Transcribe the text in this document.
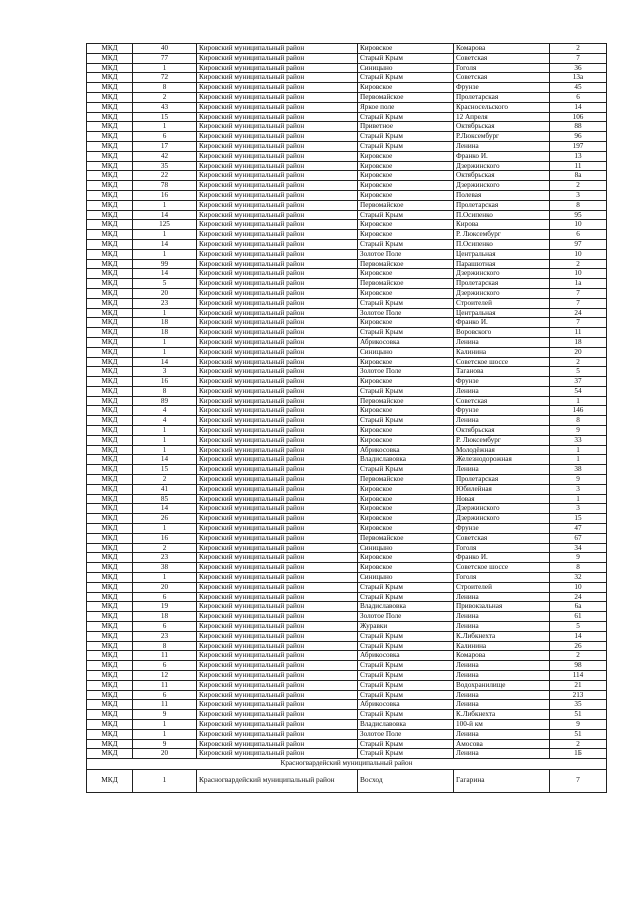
МКД	40	Кировский муниципальный район	Кировское	Комарова	2
МКД	77	Кировский муниципальный район	Старый Крым	Советская	7
МКД	1	Кировский муниципальный район	Синицыно	Гоголя	36
МКД	72	Кировский муниципальный район	Старый Крым	Советская	13а
МКД	8	Кировский муниципальный район	Кировское	Фрунзе	45
МКД	2	Кировский муниципальный район	Первомайское	Пролетарская	6
МКД	43	Кировский муниципальный район	Яркое поле	Красносельского	14
МКД	15	Кировский муниципальный район	Старый Крым	12 Апреля	106
МКД	1	Кировский муниципальный район	Приветное	Октябрьская	88
МКД	6	Кировский муниципальный район	Старый Крым	Р.Люксембург	96
МКД	17	Кировский муниципальный район	Старый Крым	Ленина	197
МКД	42	Кировский муниципальный район	Кировское	Франко И.	13
МКД	35	Кировский муниципальный район	Кировское	Дзержинского	11
МКД	22	Кировский муниципальный район	Кировское	Октябрьская	8а
МКД	78	Кировский муниципальный район	Кировское	Дзержинского	2
МКД	16	Кировский муниципальный район	Кировское	Полевая	3
МКД	1	Кировский муниципальный район	Первомайское	Пролетарская	8
МКД	14	Кировский муниципальный район	Старый Крым	П.Осипенко	95
МКД	125	Кировский муниципальный район	Кировское	Кирова	10
МКД	1	Кировский муниципальный район	Кировское	Р. Люксембург	6
МКД	14	Кировский муниципальный район	Старый Крым	П.Осипенко	97
МКД	1	Кировский муниципальный район	Золотое Поле	Центральная	10
МКД	99	Кировский муниципальный район	Первомайское	Парашютная	2
МКД	14	Кировский муниципальный район	Кировское	Дзержинского	10
МКД	5	Кировский муниципальный район	Первомайское	Пролетарская	1а
МКД	20	Кировский муниципальный район	Кировское	Дзержинского	7
МКД	23	Кировский муниципальный район	Старый Крым	Строителей	7
МКД	1	Кировский муниципальный район	Золотое Поле	Центральная	24
МКД	18	Кировский муниципальный район	Кировское	Франко И.	7
МКД	18	Кировский муниципальный район	Старый Крым	Воровского	11
МКД	1	Кировский муниципальный район	Абрикосовка	Ленина	18
МКД	1	Кировский муниципальный район	Синицыно	Калинина	20
МКД	14	Кировский муниципальный район	Кировское	Советское шоссе	2
МКД	3	Кировский муниципальный район	Золотое Поле	Таганова	5
МКД	16	Кировский муниципальный район	Кировское	Фрунзе	37
МКД	8	Кировский муниципальный район	Старый Крым	Ленина	54
МКД	89	Кировский муниципальный район	Первомайское	Советская	1
МКД	4	Кировский муниципальный район	Кировское	Фрунзе	146
МКД	4	Кировский муниципальный район	Старый Крым	Ленина	8
МКД	1	Кировский муниципальный район	Кировское	Октябрьская	9
МКД	1	Кировский муниципальный район	Кировское	Р. Люксембург	33
МКД	1	Кировский муниципальный район	Абрикосовка	Молодёжная	1
МКД	14	Кировский муниципальный район	Владиславовка	Железнодорожная	1
МКД	15	Кировский муниципальный район	Старый Крым	Ленина	38
МКД	2	Кировский муниципальный район	Первомайское	Пролетарская	9
МКД	41	Кировский муниципальный район	Кировское	Юбилейная	3
МКД	85	Кировский муниципальный район	Кировское	Новая	1
МКД	14	Кировский муниципальный район	Кировское	Дзержинского	3
МКД	26	Кировский муниципальный район	Кировское	Дзержинского	15
МКД	1	Кировский муниципальный район	Кировское	Фрунзе	47
МКД	16	Кировский муниципальный район	Первомайское	Советская	67
МКД	2	Кировский муниципальный район	Синицыно	Гоголя	34
МКД	23	Кировский муниципальный район	Кировское	Франко И.	9
МКД	38	Кировский муниципальный район	Кировское	Советское шоссе	8
МКД	1	Кировский муниципальный район	Синицыно	Гоголя	32
МКД	20	Кировский муниципальный район	Старый Крым	Строителей	10
МКД	6	Кировский муниципальный район	Старый Крым	Ленина	24
МКД	19	Кировский муниципальный район	Владиславовка	Привокзальная	6а
МКД	18	Кировский муниципальный район	Золотое Поле	Ленина	61
МКД	6	Кировский муниципальный район	Журавки	Ленина	5
МКД	23	Кировский муниципальный район	Старый Крым	К.Либкнехта	14
МКД	8	Кировский муниципальный район	Старый Крым	Калинина	26
МКД	11	Кировский муниципальный район	Абрикосовка	Комарова	2
МКД	6	Кировский муниципальный район	Старый Крым	Ленина	98
МКД	12	Кировский муниципальный район	Старый Крым	Ленина	114
МКД	11	Кировский муниципальный район	Старый Крым	Водохранилище	21
МКД	6	Кировский муниципальный район	Старый Крым	Ленина	213
МКД	11	Кировский муниципальный район	Абрикосовка	Ленина	35
МКД	9	Кировский муниципальный район	Старый Крым	К.Либкнехта	51
МКД	1	Кировский муниципальный район	Владиславовка	100-й км	9
МКД	1	Кировский муниципальный район	Золотое Поле	Ленина	51
МКД	9	Кировский муниципальный район	Старый Крым	Амосова	2
МКД	20	Кировский муниципальный район	Старый Крым	Ленина	1Б
Красногвардейский муниципальный район					
МКД	1	Красногвардейский муниципальный район	Восход	Гагарина	7
